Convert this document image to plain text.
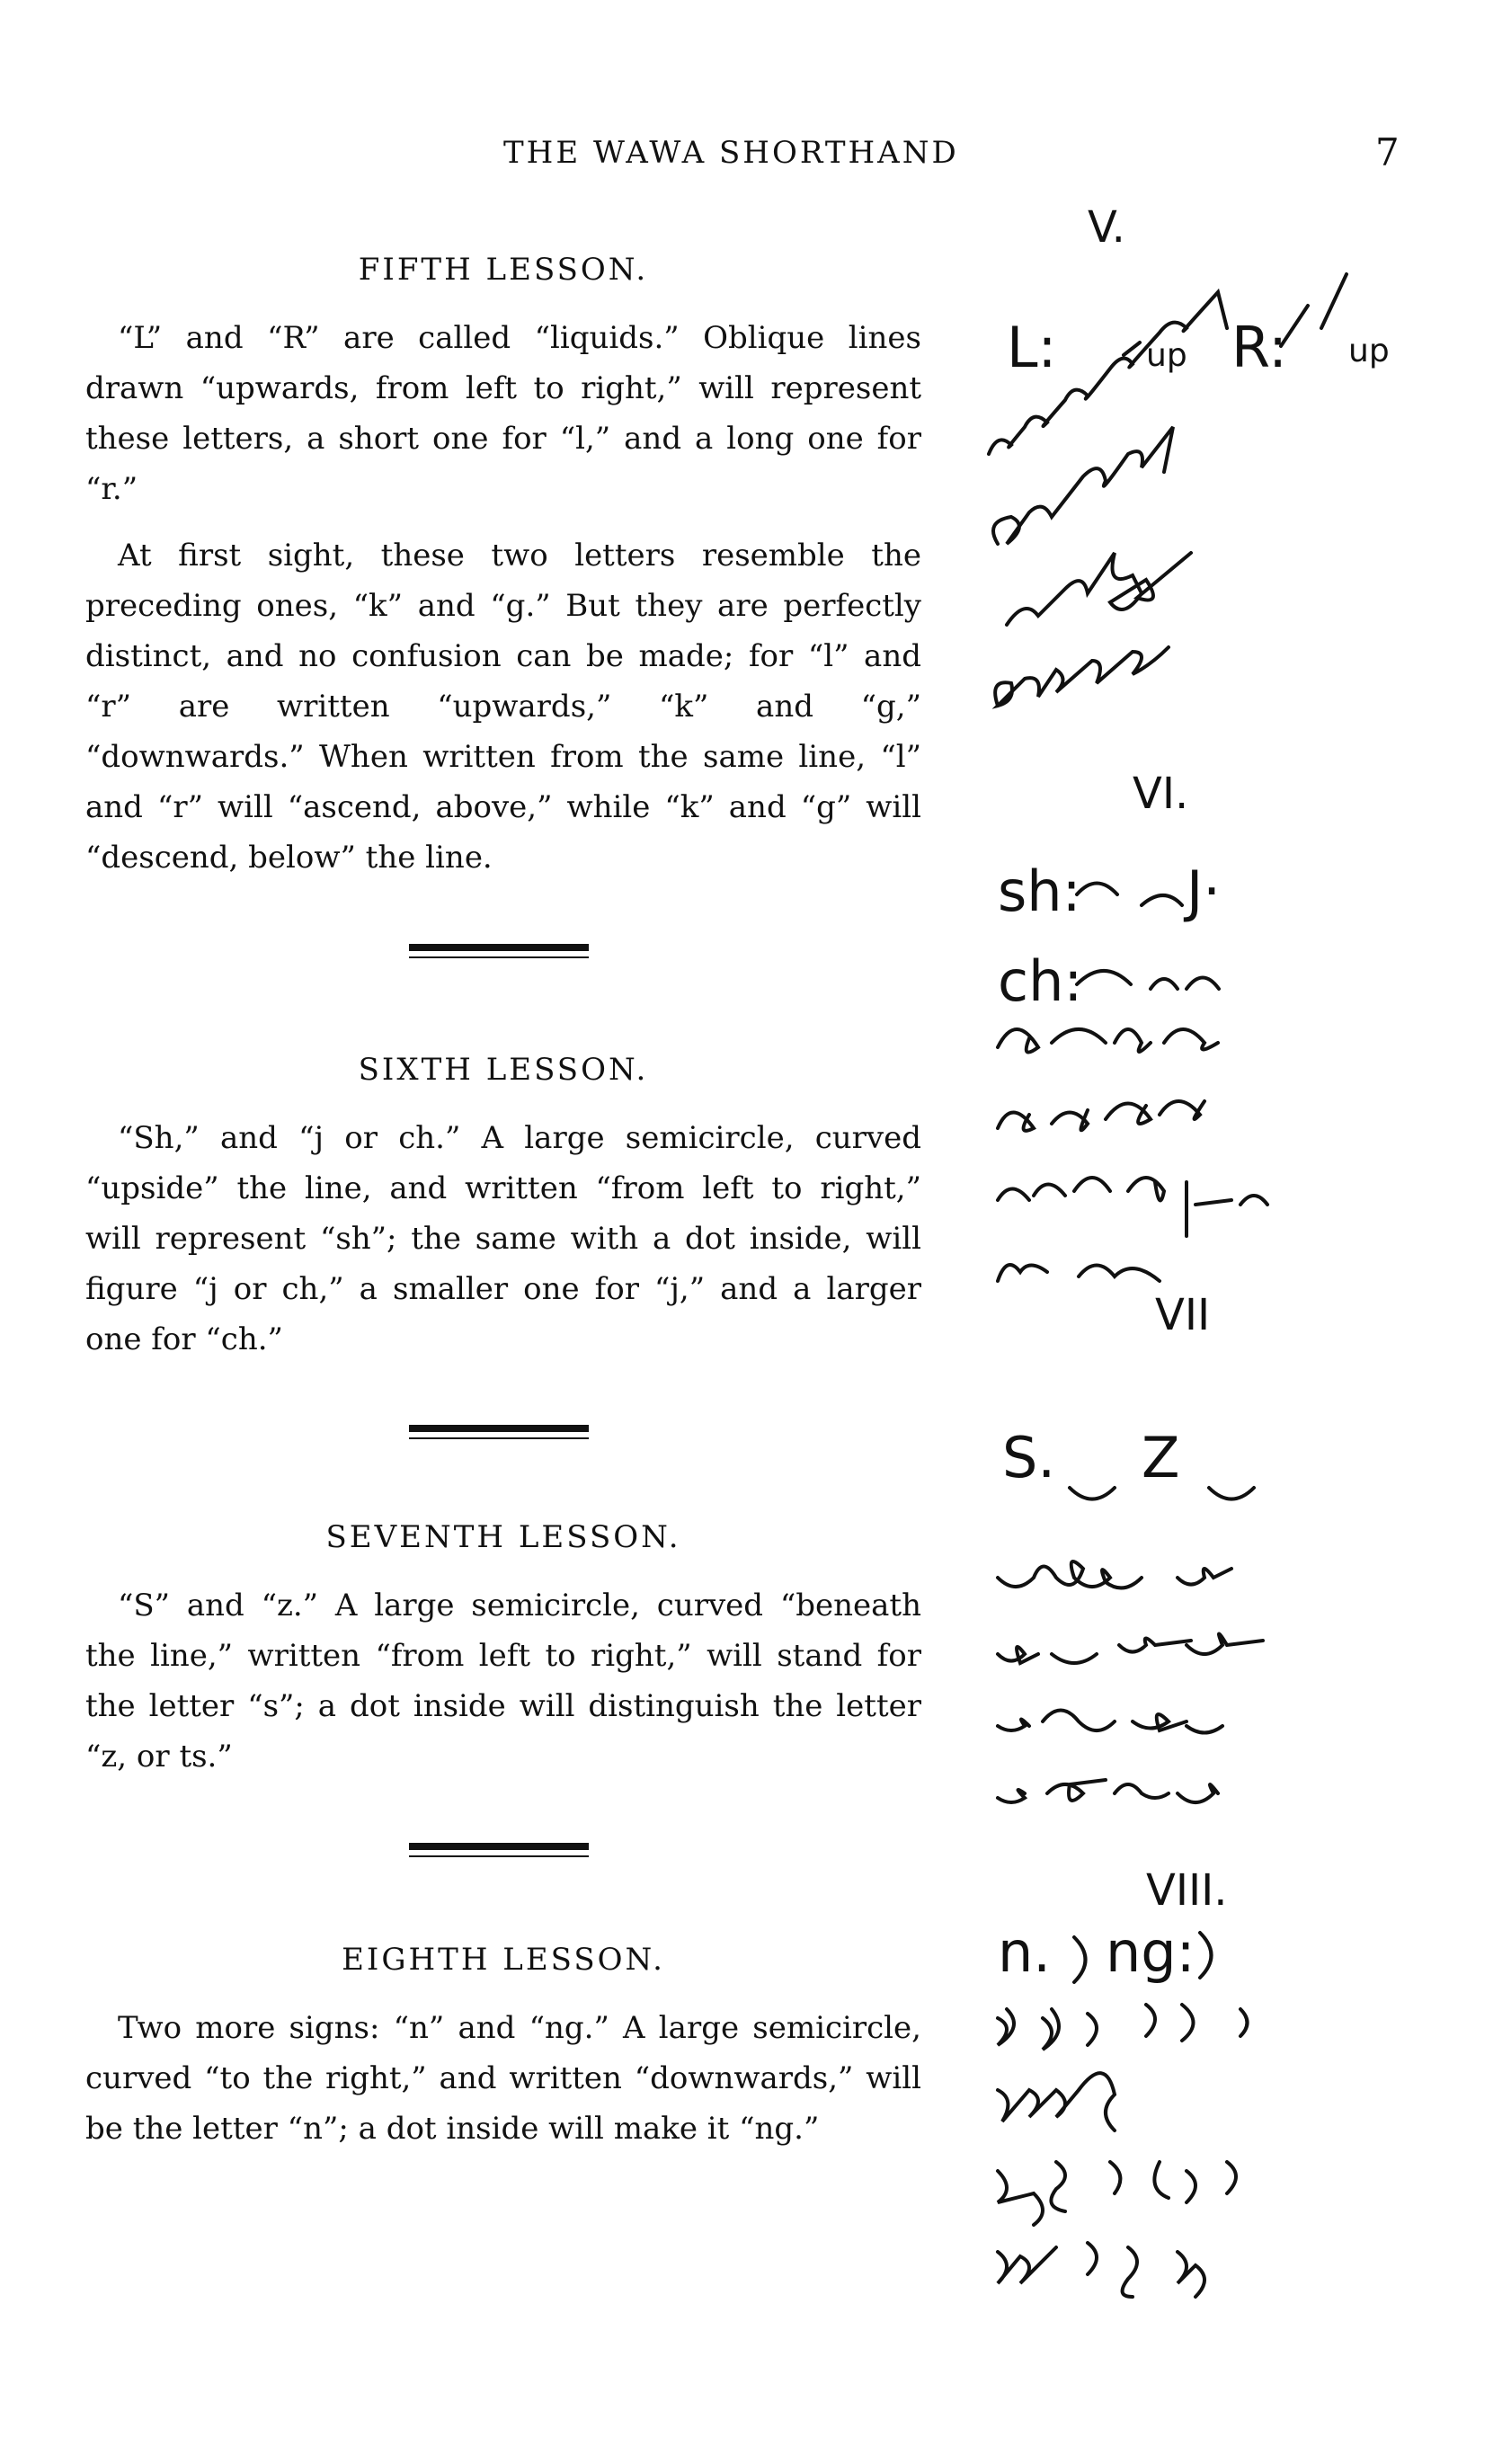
THE WAWA SHORTHAND	7
FIFTH LESSON.

“L” and “R” are called “liquids.” Oblique lines drawn “upwards, from left to right,” will represent these letters, a short one for “l,” and a long one for “r.”

At first sight, these two letters resemble the preceding ones, “k” and “g.” But they are perfectly distinct, and no confusion can be made; for “l” and “r” are written “upwards,” “k” and “g,” “downwards.” When written from the same line, “l” and “r” will “ascend, above,” while “k” and “g” will “descend, below” the line.

SIXTH LESSON.

“Sh,” and “j or ch.” A large semicircle, curved “upside” the line, and written “from left to right,” will represent “sh”; the same with a dot inside, will figure “j or ch,” a smaller one for “j,” and a larger one for “ch.”

SEVENTH LESSON.

“S” and “z.” A large semicircle, curved “beneath the line,” written “from left to right,” will stand for the letter “s”; a dot inside will distinguish the letter “z, or ts.”

EIGHTH LESSON.

Two more signs: “n” and “ng.” A large semicircle, curved “to the right,” and written “downwards,” will be the letter “n”; a dot inside will make it “ng.”

V.
L:	up R: up
VI.
sh: J·
ch:
VII
S. Z
VIII.
n. ng:
